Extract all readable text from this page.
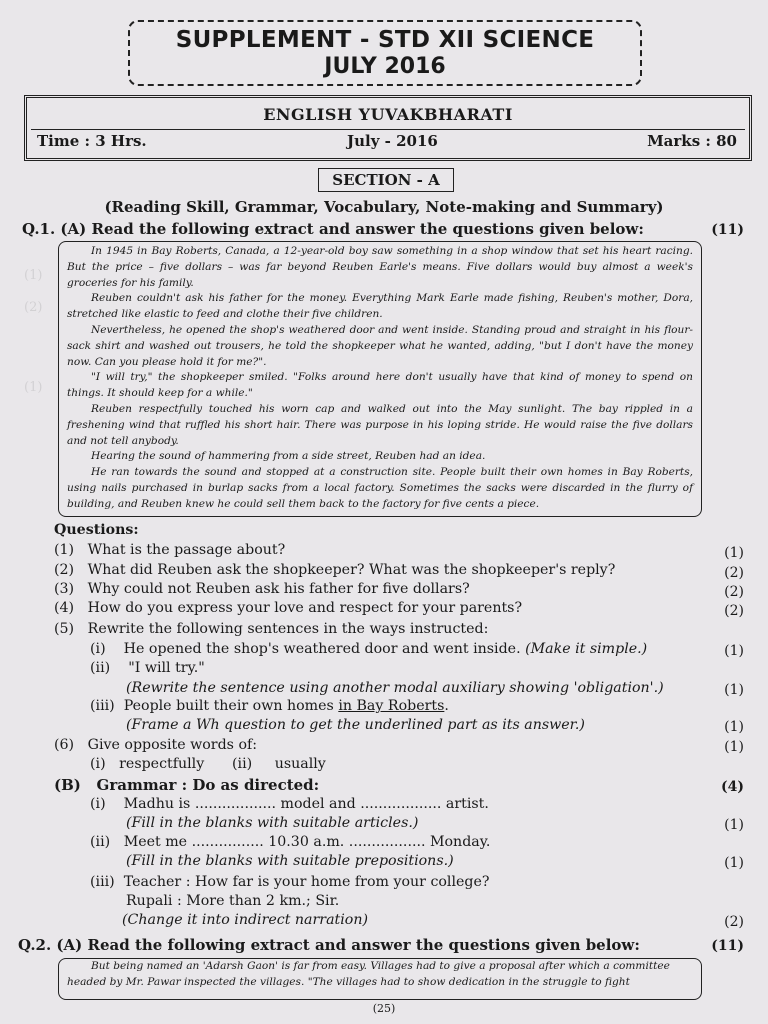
(1)
(2)
(1)
SUPPLEMENT - STD XII SCIENCE
JULY 2016
ENGLISH YUVAKBHARATI
Time : 3 Hrs.	July - 2016	Marks : 80
SECTION - A
(Reading Skill, Grammar, Vocabulary, Note-making and Summary)
Q.1. (A) Read the following extract and answer the questions given below:	(11)

In 1945 in Bay Roberts, Canada, a 12-year-old boy saw something in a shop window that set his heart racing. But the price – five dollars – was far beyond Reuben Earle's means. Five dollars would buy almost a week's groceries for his family.

Reuben couldn't ask his father for the money. Everything Mark Earle made fishing, Reuben's mother, Dora, stretched like elastic to feed and clothe their five children.

Nevertheless, he opened the shop's weathered door and went inside. Standing proud and straight in his flour-sack shirt and washed out trousers, he told the shopkeeper what he wanted, adding, "but I don't have the money now. Can you please hold it for me?".

"I will try," the shopkeeper smiled. "Folks around here don't usually have that kind of money to spend on things. It should keep for a while."

Reuben respectfully touched his worn cap and walked out into the May sunlight. The bay rippled in a freshening wind that ruffled his short hair. There was purpose in his loping stride. He would raise the five dollars and not tell anybody.

Hearing the sound of hammering from a side street, Reuben had an idea.

He ran towards the sound and stopped at a construction site. People built their own homes in Bay Roberts, using nails purchased in burlap sacks from a local factory. Sometimes the sacks were discarded in the flurry of building, and Reuben knew he could sell them back to the factory for five cents a piece.

Questions:
(1) What is the passage about?	(1)
(2) What did Reuben ask the shopkeeper? What was the shopkeeper's reply?	(2)
(3) Why could not Reuben ask his father for five dollars?	(2)
(4) How do you express your love and respect for your parents?	(2)
(5) Rewrite the following sentences in the ways instructed:
(i) He opened the shop's weathered door and went inside. (Make it simple.)	(1)
(ii) "I will try."
(Rewrite the sentence using another modal auxiliary showing 'obligation'.)	(1)
(iii) People built their own homes in Bay Roberts.
(Frame a Wh question to get the underlined part as its answer.)	(1)
(6) Give opposite words of:	(1)
(i) respectfully (ii) usually
(B) Grammar : Do as directed:	(4)
(i) Madhu is .................. model and .................. artist.
(Fill in the blanks with suitable articles.)	(1)
(ii) Meet me ................ 10.30 a.m. ................. Monday.
(Fill in the blanks with suitable prepositions.)	(1)
(iii) Teacher : How far is your home from your college?
Rupali : More than 2 km.; Sir.
(Change it into indirect narration)	(2)
Q.2. (A) Read the following extract and answer the questions given below:	(11)

But being named an 'Adarsh Gaon' is far from easy. Villages had to give a proposal after which a committee headed by Mr. Pawar inspected the villages. "The villages had to show dedication in the struggle to fight

(25)
